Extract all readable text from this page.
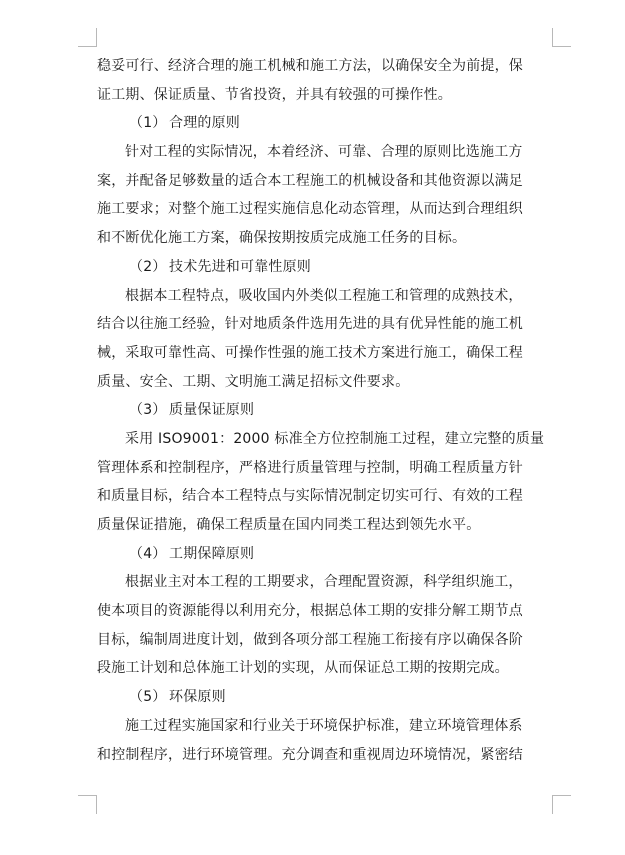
稳妥可行、经济合理的施工机械和施工方法，以确保安全为前提，保
证工期、保证质量、节省投资，并具有较强的可操作性。
（1） 合理的原则
针对工程的实际情况，本着经济、可靠、合理的原则比选施工方
案，并配备足够数量的适合本工程施工的机械设备和其他资源以满足
施工要求；对整个施工过程实施信息化动态管理，从而达到合理组织
和不断优化施工方案，确保按期按质完成施工任务的目标。
（2） 技术先进和可靠性原则
根据本工程特点，吸收国内外类似工程施工和管理的成熟技术，
结合以往施工经验，针对地质条件选用先进的具有优异性能的施工机
械，采取可靠性高、可操作性强的施工技术方案进行施工，确保工程
质量、安全、工期、文明施工满足招标文件要求。
（3） 质量保证原则
采用 ISO9001：2000 标准全方位控制施工过程，建立完整的质量
管理体系和控制程序，严格进行质量管理与控制，明确工程质量方针
和质量目标，结合本工程特点与实际情况制定切实可行、有效的工程
质量保证措施，确保工程质量在国内同类工程达到领先水平。
（4） 工期保障原则
根据业主对本工程的工期要求，合理配置资源，科学组织施工，
使本项目的资源能得以利用充分，根据总体工期的安排分解工期节点
目标，编制周进度计划，做到各项分部工程施工衔接有序以确保各阶
段施工计划和总体施工计划的实现，从而保证总工期的按期完成。
（5） 环保原则
施工过程实施国家和行业关于环境保护标准，建立环境管理体系
和控制程序，进行环境管理。充分调查和重视周边环境情况，紧密结
